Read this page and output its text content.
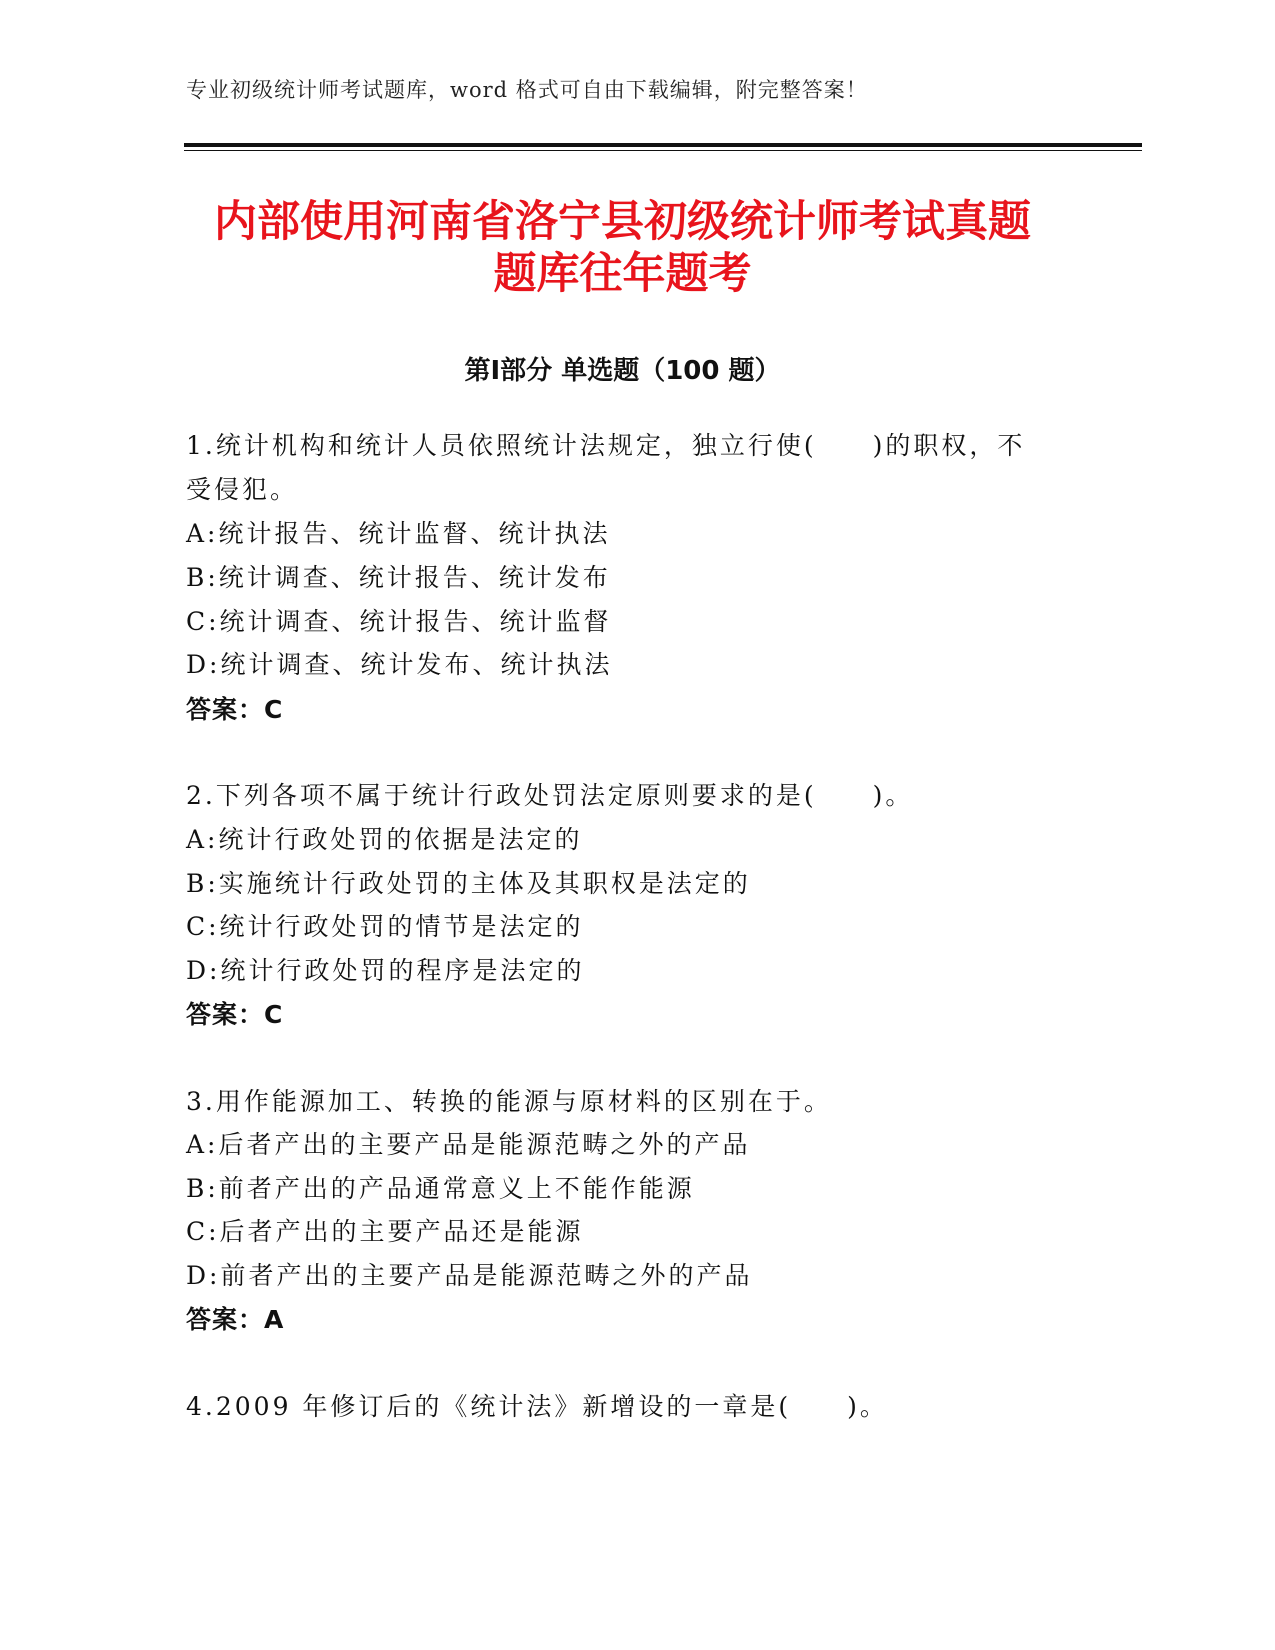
专业初级统计师考试题库，word 格式可自由下载编辑，附完整答案！
内部使用河南省洛宁县初级统计师考试真题
题库往年题考
第Ⅰ部分 单选题（100 题）
1.统计机构和统计人员依照统计法规定，独立行使(　　)的职权，不
受侵犯。
A:统计报告、统计监督、统计执法
B:统计调查、统计报告、统计发布
C:统计调查、统计报告、统计监督
D:统计调查、统计发布、统计执法
答案：C
2.下列各项不属于统计行政处罚法定原则要求的是(　　)。
A:统计行政处罚的依据是法定的
B:实施统计行政处罚的主体及其职权是法定的
C:统计行政处罚的情节是法定的
D:统计行政处罚的程序是法定的
答案：C
3.用作能源加工、转换的能源与原材料的区别在于。
A:后者产出的主要产品是能源范畴之外的产品
B:前者产出的产品通常意义上不能作能源
C:后者产出的主要产品还是能源
D:前者产出的主要产品是能源范畴之外的产品
答案：A
4.2009 年修订后的《统计法》新增设的一章是(　　)。
